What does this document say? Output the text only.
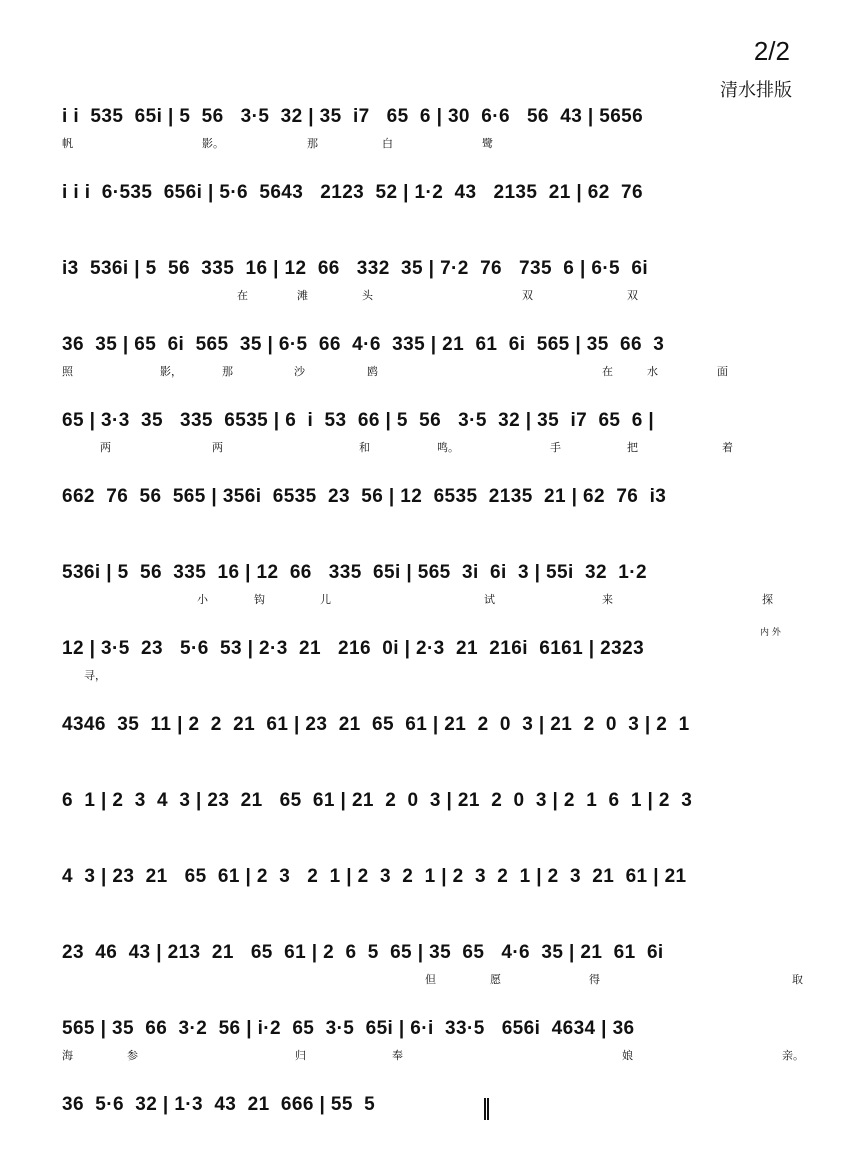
2/2
清水排版
i i  535  65i | 5  56   3·5  32 | 35  i7   65  6 | 30  6·6   56  43 | 5656
帆	影。	那	白	鹭
i i i  6·535  656i | 5·6  5643   2123  52 | 1·2  43   2135  21 | 62  76
i3  536i | 5  56  335  16 | 12  66   332  35 | 7·2  76   735  6 | 6·5  6i
在	滩	头	双	双
36  35 | 65  6i  565  35 | 6·5  66  4·6  335 | 21  61  6i  565 | 35  66  3
照	影，	那	沙	鸥	在	水	面
65 | 3·3  35   335  6535 | 6  i  53  66 | 5  56   3·5  32 | 35  i7  65  6 |
两	两	和	鸣。	手	把	着
662  76  56  565 | 356i  6535  23  56 | 12  6535  2135  21 | 62  76  i3
536i | 5  56  335  16 | 12  66   335  65i | 565  3i  6i  3 | 55i  32  1·2
小	钩	儿	试	来	探
12 | 3·5  23   5·6  53 | 2·3  21   216  0i | 2·3  21  216i  6161 | 2323
寻，
4346  35  11 | 2  2  21  61 | 23  21  65  61 | 21  2  0  3 | 21  2  0  3 | 2  1
6  1 | 2  3  4  3 | 23  21   65  61 | 21  2  0  3 | 21  2  0  3 | 2  1  6  1 | 2  3
4  3 | 23  21   65  61 | 2  3   2  1 | 2  3  2  1 | 2  3  2  1 | 2  3  21  61 | 21
23  46  43 | 213  21   65  61 | 2  6  5  65 | 35  65   4·6  35 | 21  61  6i
但	愿	得	取
565 | 35  66  3·2  56 | i·2  65  3·5  65i | 6·i  33·5   656i  4634 | 36
海	参	归	奉	娘	亲。
36  5·6  32 | 1·3  43  21  666 | 55  5
内 外
